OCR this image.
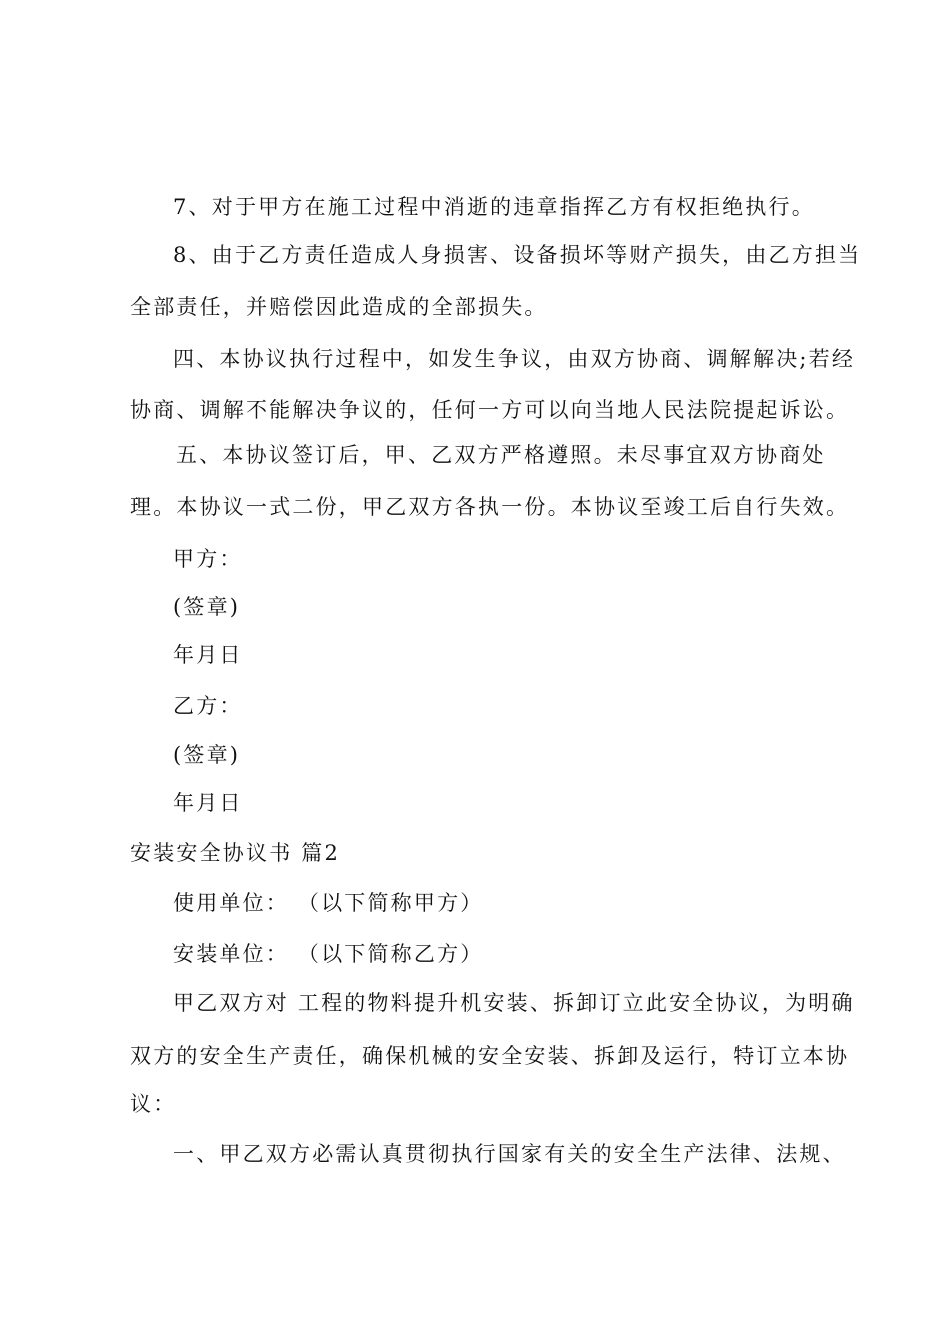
7、对于甲方在施工过程中消逝的违章指挥乙方有权拒绝执行。
8、由于乙方责任造成人身损害、设备损坏等财产损失，由乙方担当
全部责任，并赔偿因此造成的全部损失。
四、本协议执行过程中，如发生争议，由双方协商、调解解决;若经
协商、调解不能解决争议的，任何一方可以向当地人民法院提起诉讼。
五、本协议签订后，甲、乙双方严格遵照。未尽事宜双方协商处
理。本协议一式二份，甲乙双方各执一份。本协议至竣工后自行失效。
甲方：
(签章)
年月日
乙方：
(签章)
年月日
安装安全协议书 篇2
使用单位： （以下简称甲方）
安装单位： （以下简称乙方）
甲乙双方对 工程的物料提升机安装、拆卸订立此安全协议，为明确
双方的安全生产责任，确保机械的安全安装、拆卸及运行，特订立本协
议：
一、甲乙双方必需认真贯彻执行国家有关的安全生产法律、法规、
